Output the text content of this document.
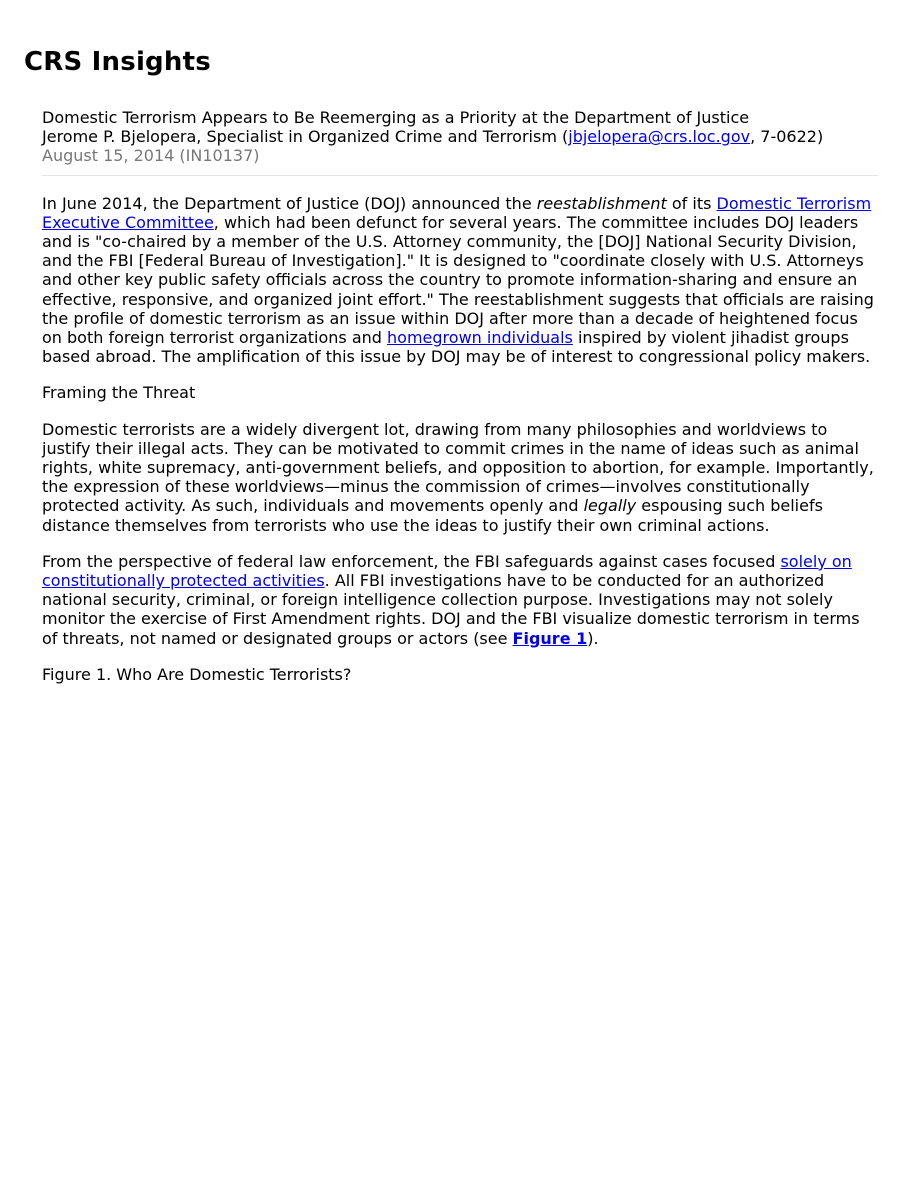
CRS Insights

Domestic Terrorism Appears to Be Reemerging as a Priority at the Department of Justice

Jerome P. Bjelopera, Specialist in Organized Crime and Terrorism (jbjelopera@crs.loc.gov, 7-0622)

August 15, 2014 (IN10137)

In June 2014, the Department of Justice (DOJ) announced the reestablishment of its Domestic Terrorism Executive Committee, which had been defunct for several years. The committee includes DOJ leaders and is "co-chaired by a member of the U.S. Attorney community, the [DOJ] National Security Division, and the FBI [Federal Bureau of Investigation]." It is designed to "coordinate closely with U.S. Attorneys and other key public safety officials across the country to promote information-sharing and ensure an effective, responsive, and organized joint effort." The reestablishment suggests that officials are raising the profile of domestic terrorism as an issue within DOJ after more than a decade of heightened focus on both foreign terrorist organizations and homegrown individuals inspired by violent jihadist groups based abroad. The amplification of this issue by DOJ may be of interest to congressional policy makers.

Framing the Threat

Domestic terrorists are a widely divergent lot, drawing from many philosophies and worldviews to justify their illegal acts. They can be motivated to commit crimes in the name of ideas such as animal rights, white supremacy, anti-government beliefs, and opposition to abortion, for example. Importantly, the expression of these worldviews—minus the commission of crimes—involves constitutionally protected activity. As such, individuals and movements openly and legally espousing such beliefs distance themselves from terrorists who use the ideas to justify their own criminal actions.

From the perspective of federal law enforcement, the FBI safeguards against cases focused solely on constitutionally protected activities. All FBI investigations have to be conducted for an authorized national security, criminal, or foreign intelligence collection purpose. Investigations may not solely monitor the exercise of First Amendment rights. DOJ and the FBI visualize domestic terrorism in terms of threats, not named or designated groups or actors (see Figure 1).

Figure 1. Who Are Domestic Terrorists?
